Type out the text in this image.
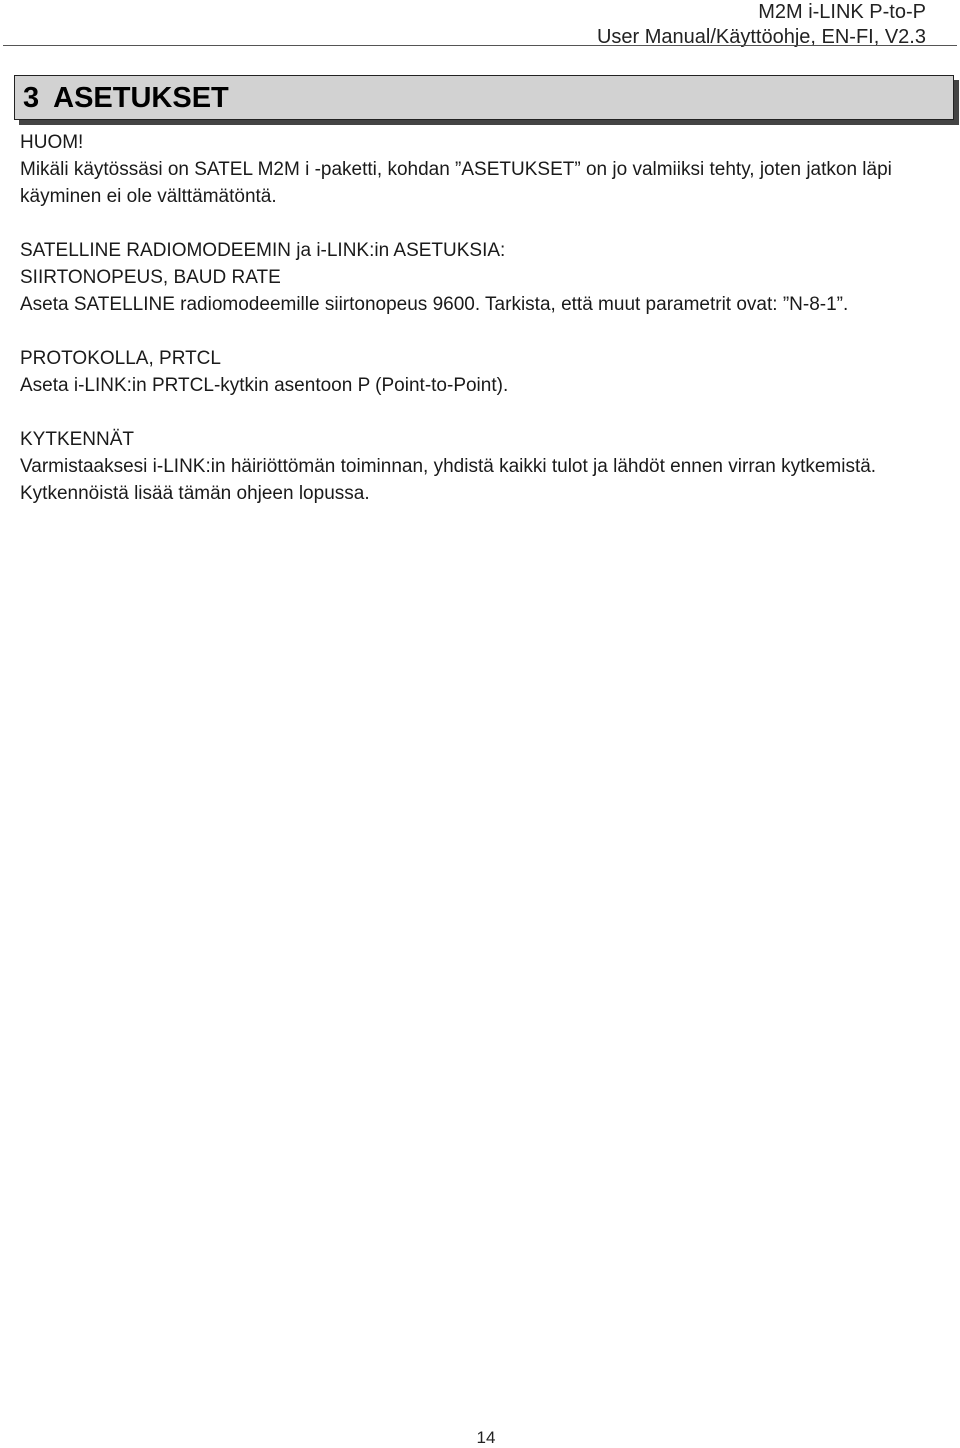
M2M i-LINK P-to-P
User Manual/Käyttöohje, EN-FI, V2.3
3 ASETUKSET

HUOM!

Mikäli käytössäsi on SATEL M2M i -paketti, kohdan ”ASETUKSET” on jo valmiiksi tehty, joten jatkon läpi käyminen ei ole välttämätöntä.

SATELLINE RADIOMODEEMIN ja i-LINK:in ASETUKSIA:

SIIRTONOPEUS, BAUD RATE

Aseta SATELLINE radiomodeemille siirtonopeus 9600. Tarkista, että muut parametrit ovat: ”N-8-1”.

PROTOKOLLA, PRTCL

Aseta i-LINK:in PRTCL-kytkin asentoon P (Point-to-Point).

KYTKENNÄT

Varmistaaksesi i-LINK:in häiriöttömän toiminnan, yhdistä kaikki tulot ja lähdöt ennen virran kytkemistä. Kytkennöistä lisää tämän ohjeen lopussa.

14
